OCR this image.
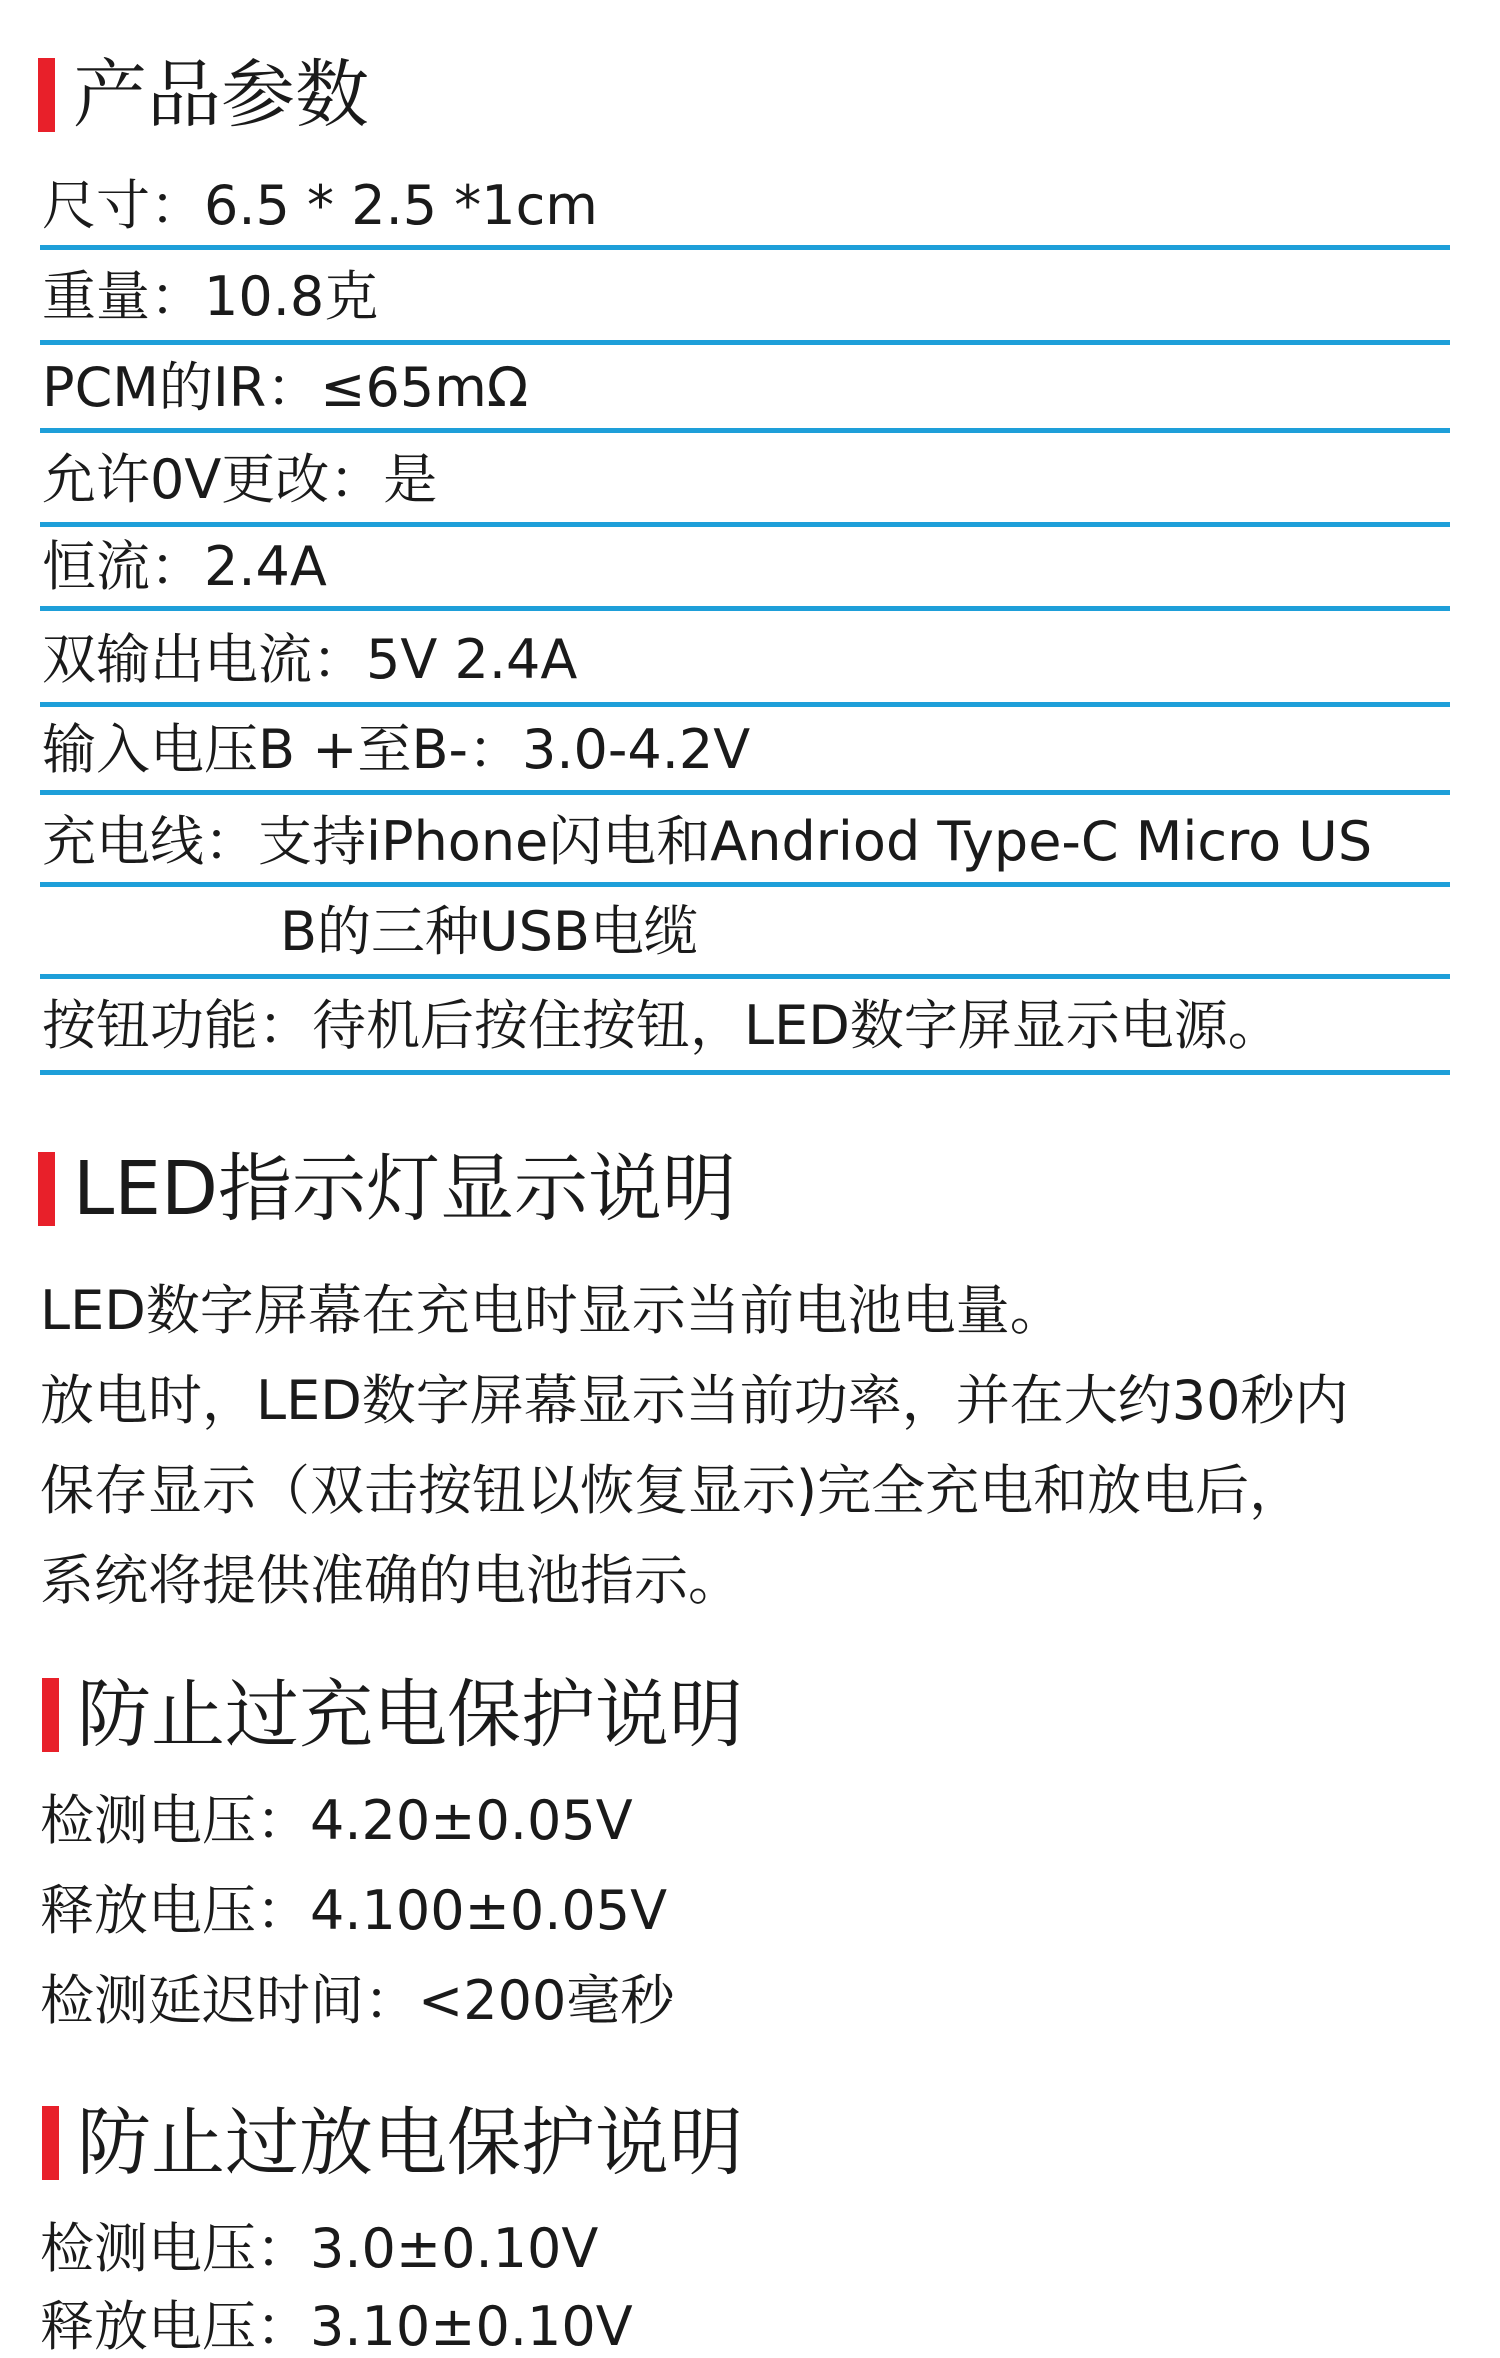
产品参数
尺寸：6.5 * 2.5 *1cm
重量：10.8克
PCM的IR：≤65mΩ
允许0V更改：是
恒流：2.4A
双输出电流：5V 2.4A
输入电压B +至B-：3.0-4.2V
充电线：支持iPhone闪电和Andriod Type-C Micro US
B的三种USB电缆
按钮功能：待机后按住按钮，LED数字屏显示电源。
LED指示灯显示说明
LED数字屏幕在充电时显示当前电池电量。
放电时，LED数字屏幕显示当前功率，并在大约30秒内
保存显示（双击按钮以恢复显示)完全充电和放电后，
系统将提供准确的电池指示。
防止过充电保护说明
检测电压：4.20±0.05V
释放电压：4.100±0.05V
检测延迟时间：<200毫秒
防止过放电保护说明
检测电压：3.0±0.10V
释放电压：3.10±0.10V
